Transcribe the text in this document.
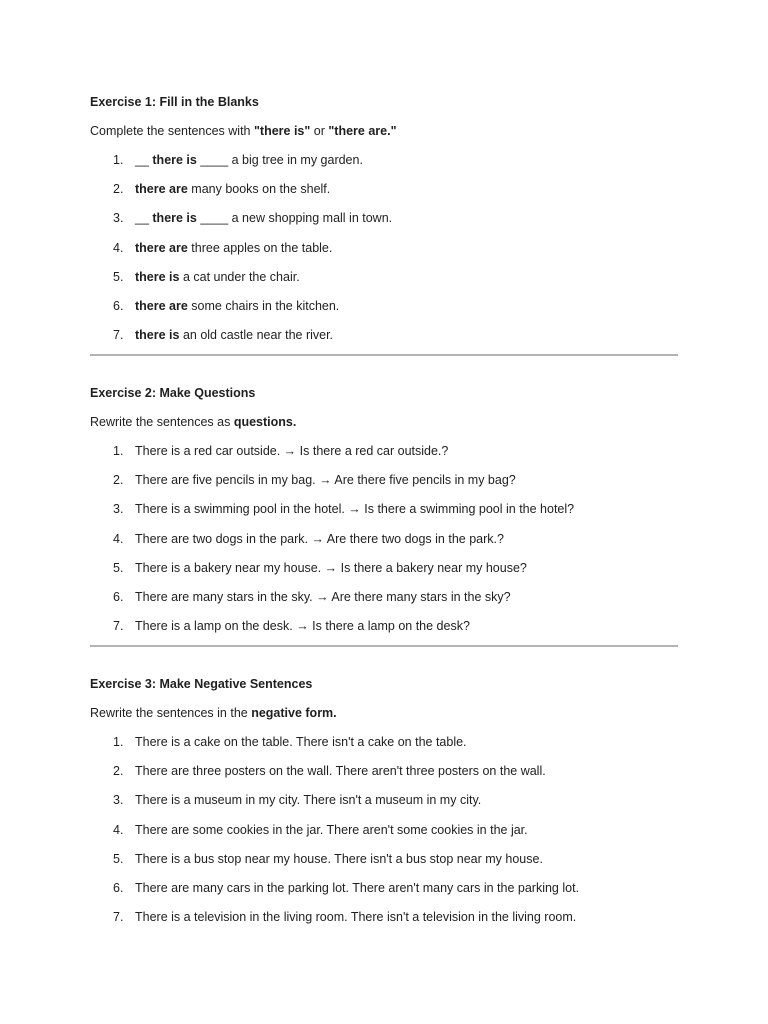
Exercise 1: Fill in the Blanks
Complete the sentences with "there is" or "there are."
1. __ there is ____ a big tree in my garden.
2. there are many books on the shelf.
3. __ there is ____ a new shopping mall in town.
4. there are three apples on the table.
5. there is a cat under the chair.
6. there are some chairs in the kitchen.
7. there is an old castle near the river.
Exercise 2: Make Questions
Rewrite the sentences as questions.
1. There is a red car outside. → Is there a red car outside.?
2. There are five pencils in my bag. → Are there five pencils in my bag?
3. There is a swimming pool in the hotel. → Is there a swimming pool in the hotel?
4. There are two dogs in the park. → Are there two dogs in the park.?
5. There is a bakery near my house. → Is there a bakery near my house?
6. There are many stars in the sky. → Are there many stars in the sky?
7. There is a lamp on the desk. → Is there a lamp on the desk?
Exercise 3: Make Negative Sentences
Rewrite the sentences in the negative form.
1. There is a cake on the table. There isn't a cake on the table.
2. There are three posters on the wall. There aren't three posters on the wall.
3. There is a museum in my city. There isn't a museum in my city.
4. There are some cookies in the jar. There aren't some cookies in the jar.
5. There is a bus stop near my house. There isn't a bus stop near my house.
6. There are many cars in the parking lot. There aren't many cars in the parking lot.
7. There is a television in the living room. There isn't a television in the living room.
